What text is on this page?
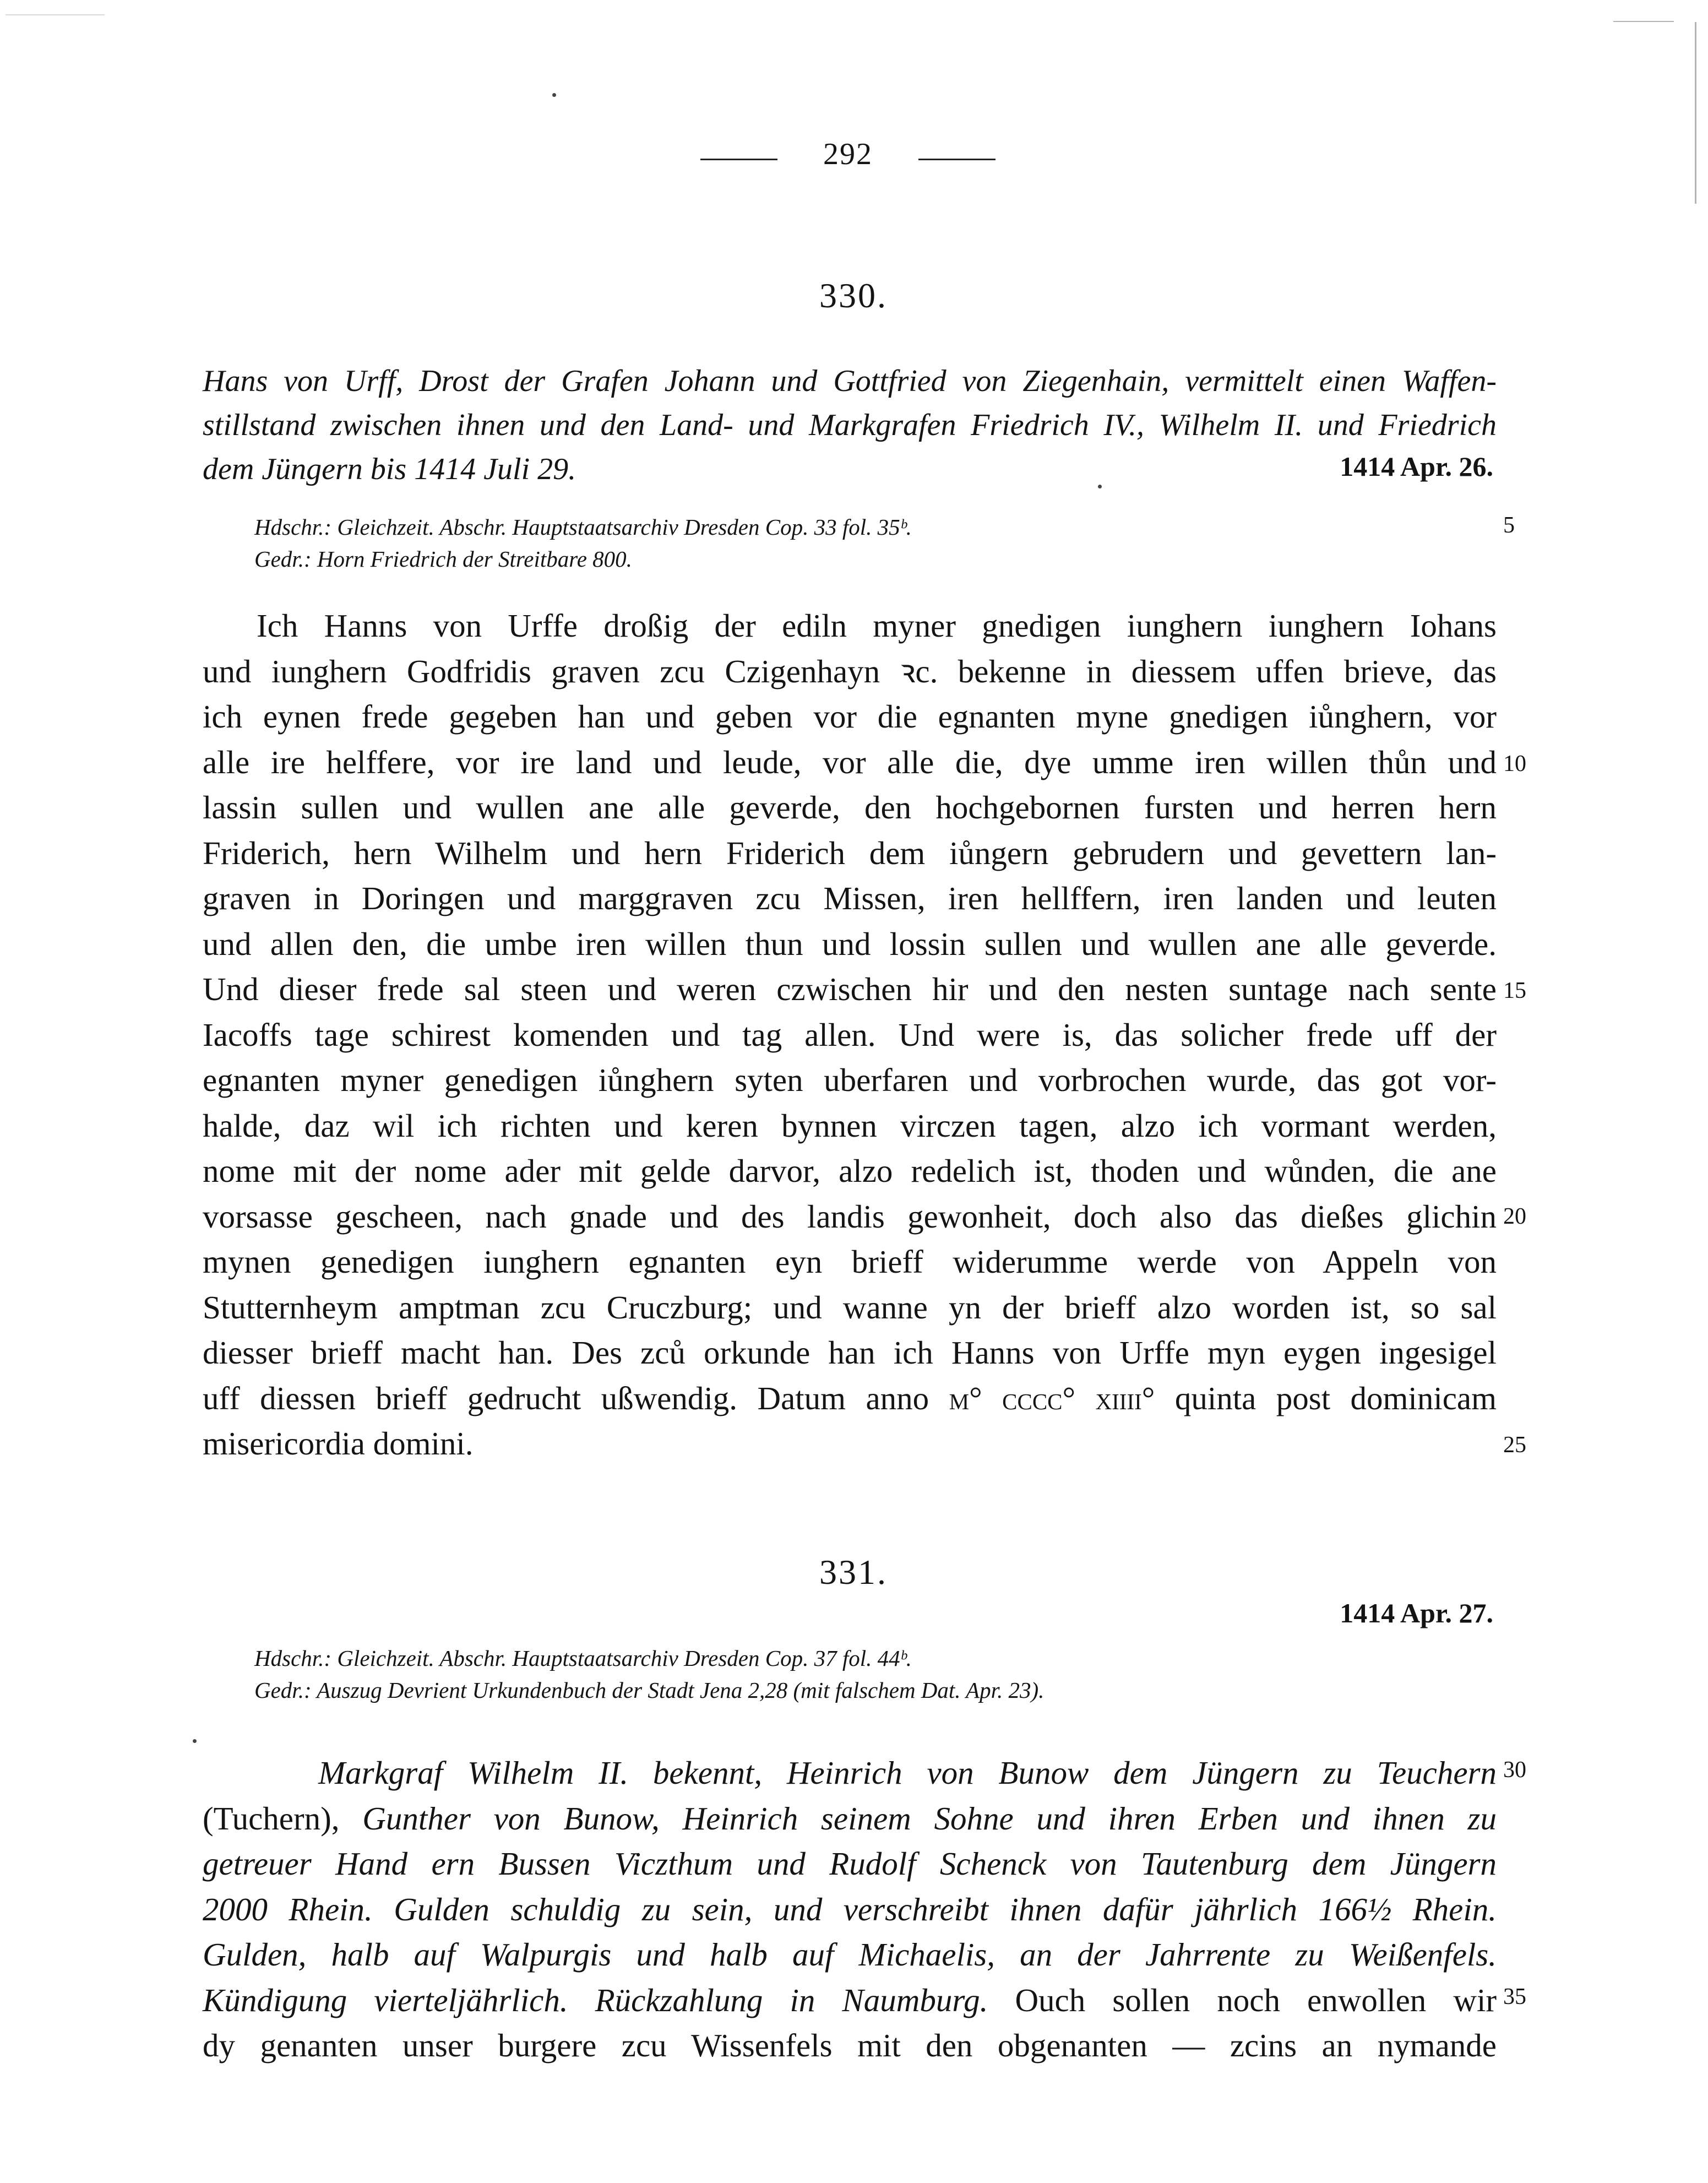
292
330.
Hans von Urff, Drost der Grafen Johann und Gottfried von Ziegenhain, vermittelt einen Waffen-
stillstand zwischen ihnen und den Land- und Markgrafen Friedrich IV., Wilhelm II. und Friedrich
dem Jüngern bis 1414 Juli 29.	1414 Apr. 26.
Hdschr.: Gleichzeit. Abschr. Hauptstaatsarchiv Dresden Cop. 33 fol. 35ᵇ.
Gedr.: Horn Friedrich der Streitbare 800.
Ich Hanns von Urffe droßig der ediln myner gnedigen iunghern iunghern Iohans
und iunghern Godfridis graven zcu Czigenhayn ꝛc. bekenne in diessem uffen brieve, das
ich eynen frede gegeben han und geben vor die egnanten myne gnedigen iůnghern, vor
alle ire helffere, vor ire land und leude, vor alle die, dye umme iren willen thůn und
lassin sullen und wullen ane alle geverde, den hochgebornen fursten und herren hern
Friderich, hern Wilhelm und hern Friderich dem iůngern gebrudern und gevettern lan-
graven in Doringen und marggraven zcu Missen, iren hellffern, iren landen und leuten
und allen den, die umbe iren willen thun und lossin sullen und wullen ane alle geverde.
Und dieser frede sal steen und weren czwischen hir und den nesten suntage nach sente
Iacoffs tage schirest komenden und tag allen. Und were is, das solicher frede uff der
egnanten myner genedigen iůnghern syten uberfaren und vorbrochen wurde, das got vor-
halde, daz wil ich richten und keren bynnen virczen tagen, alzo ich vormant werden,
nome mit der nome ader mit gelde darvor, alzo redelich ist, thoden und wůnden, die ane
vorsasse gescheen, nach gnade und des landis gewonheit, doch also das dießes glichin
mynen genedigen iunghern egnanten eyn brieff widerumme werde von Appeln von
Stutternheym amptman zcu Cruczburg; und wanne yn der brieff alzo worden ist, so sal
diesser brieff macht han. Des zců orkunde han ich Hanns von Urffe myn eygen ingesigel
uff diessen brieff gedrucht ußwendig. Datum anno m° cccc° xiiii° quinta post dominicam
misericordia domini.
331.
1414 Apr. 27.
Hdschr.: Gleichzeit. Abschr. Hauptstaatsarchiv Dresden Cop. 37 fol. 44ᵇ.
Gedr.: Auszug Devrient Urkundenbuch der Stadt Jena 2,28 (mit falschem Dat. Apr. 23).
Markgraf Wilhelm II. bekennt, Heinrich von Bunow dem Jüngern zu Teuchern
(Tuchern), Gunther von Bunow, Heinrich seinem Sohne und ihren Erben und ihnen zu
getreuer Hand ern Bussen Viczthum und Rudolf Schenck von Tautenburg dem Jüngern
2000 Rhein. Gulden schuldig zu sein, und verschreibt ihnen dafür jährlich 166½ Rhein.
Gulden, halb auf Walpurgis und halb auf Michaelis, an der Jahrrente zu Weißenfels.
Kündigung vierteljährlich. Rückzahlung in Naumburg. Ouch sollen noch enwollen wir
dy genanten unser burgere zcu Wissenfels mit den obgenanten — zcins an nymande
5
10
15
20
25
30
35
